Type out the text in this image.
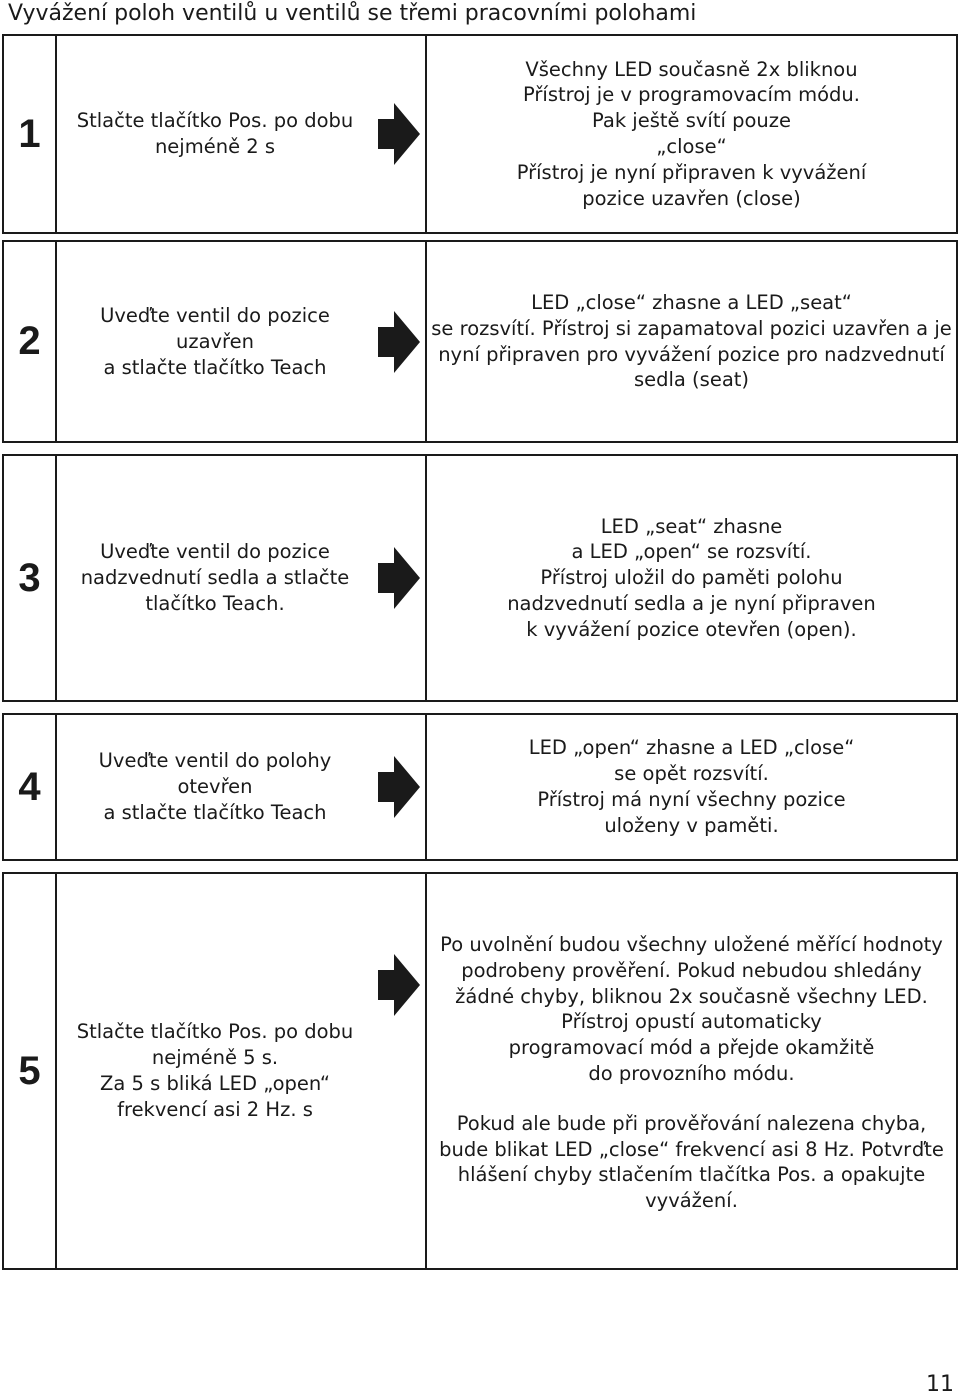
Vyvážení poloh ventilů u ventilů se třemi pracovními polohami
1	Stlačte tlačítko Pos. po dobu
nejméně 2 s
Všechny LED současně 2x bliknou
Přístroj je v programovacím módu.
Pak ještě svítí pouze
„close“
Přístroj je nyní připraven k vyvážení
pozice uzavřen (close)
2
Uveďte ventil do pozice
uzavřen
a stlačte tlačítko Teach
LED „close“ zhasne a LED „seat“
se rozsvítí. Přístroj si zapamatoval pozici uzavřen a je
nyní připraven pro vyvážení pozice pro nadzvednutí
sedla (seat)
3
Uveďte ventil do pozice
nadzvednutí sedla a stlačte
tlačítko Teach.
LED „seat“ zhasne
a LED „open“ se rozsvítí.
Přístroj uložil do paměti polohu
nadzvednutí sedla a je nyní připraven
k vyvážení pozice otevřen (open).
4
Uveďte ventil do polohy
otevřen
a stlačte tlačítko Teach
LED „open“ zhasne a LED „close“
se opět rozsvítí.
Přístroj má nyní všechny pozice
uloženy v paměti.
5
Stlačte tlačítko Pos. po dobu
nejméně 5 s.
Za 5 s bliká LED „open“
frekvencí asi 2 Hz. s
Po uvolnění budou všechny uložené měřící hodnoty
podrobeny prověření. Pokud nebudou shledány
žádné chyby, bliknou 2x současně všechny LED.
Přístroj opustí automaticky
programovací mód a přejde okamžitě
do provozního módu.
Pokud ale bude při prověřování nalezena chyba,
bude blikat LED „close“ frekvencí asi 8 Hz. Potvrďte
hlášení chyby stlačením tlačítka Pos. a opakujte
vyvážení.
11
